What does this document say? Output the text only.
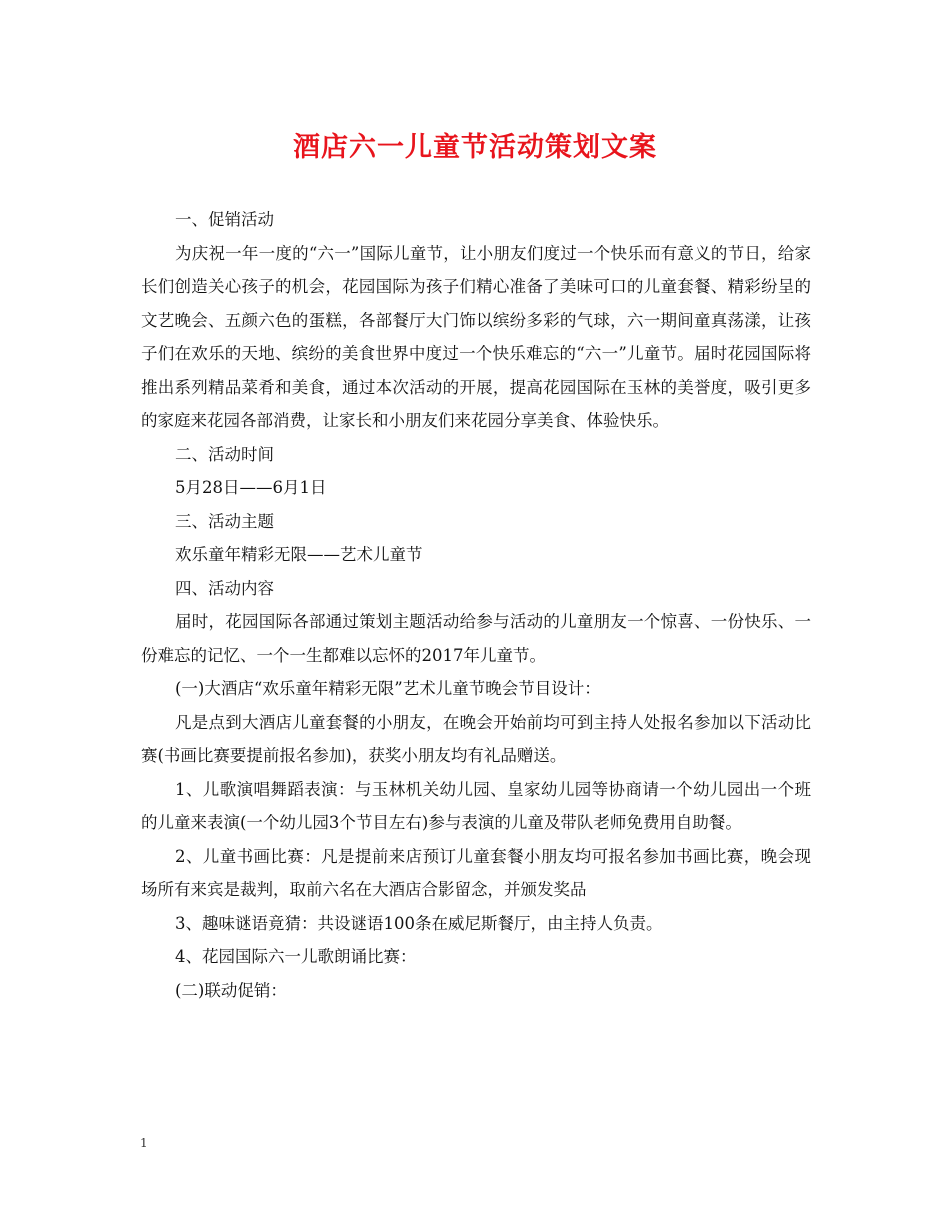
酒店六一儿童节活动策划文案

一、促销活动

为庆祝一年一度的“六一”国际儿童节，让小朋友们度过一个快乐而有意义的节日，给家长们创造关心孩子的机会，花园国际为孩子们精心准备了美味可口的儿童套餐、精彩纷呈的文艺晚会、五颜六色的蛋糕，各部餐厅大门饰以缤纷多彩的气球，六一期间童真荡漾，让孩子们在欢乐的天地、缤纷的美食世界中度过一个快乐难忘的“六一”儿童节。届时花园国际将推出系列精品菜肴和美食，通过本次活动的开展，提高花园国际在玉林的美誉度，吸引更多的家庭来花园各部消费，让家长和小朋友们来花园分享美食、体验快乐。

二、活动时间

5月28日——6月1日

三、活动主题

欢乐童年精彩无限——艺术儿童节

四、活动内容

届时，花园国际各部通过策划主题活动给参与活动的儿童朋友一个惊喜、一份快乐、一份难忘的记忆、一个一生都难以忘怀的2017年儿童节。

(一)大酒店“欢乐童年精彩无限”艺术儿童节晚会节目设计：

凡是点到大酒店儿童套餐的小朋友，在晚会开始前均可到主持人处报名参加以下活动比赛(书画比赛要提前报名参加)，获奖小朋友均有礼品赠送。

1、儿歌演唱舞蹈表演：与玉林机关幼儿园、皇家幼儿园等协商请一个幼儿园出一个班的儿童来表演(一个幼儿园3个节目左右)参与表演的儿童及带队老师免费用自助餐。

2、儿童书画比赛：凡是提前来店预订儿童套餐小朋友均可报名参加书画比赛，晚会现场所有来宾是裁判，取前六名在大酒店合影留念，并颁发奖品

3、趣味谜语竟猜：共设谜语100条在威尼斯餐厅，由主持人负责。

4、花园国际六一儿歌朗诵比赛：

(二)联动促销：

1
